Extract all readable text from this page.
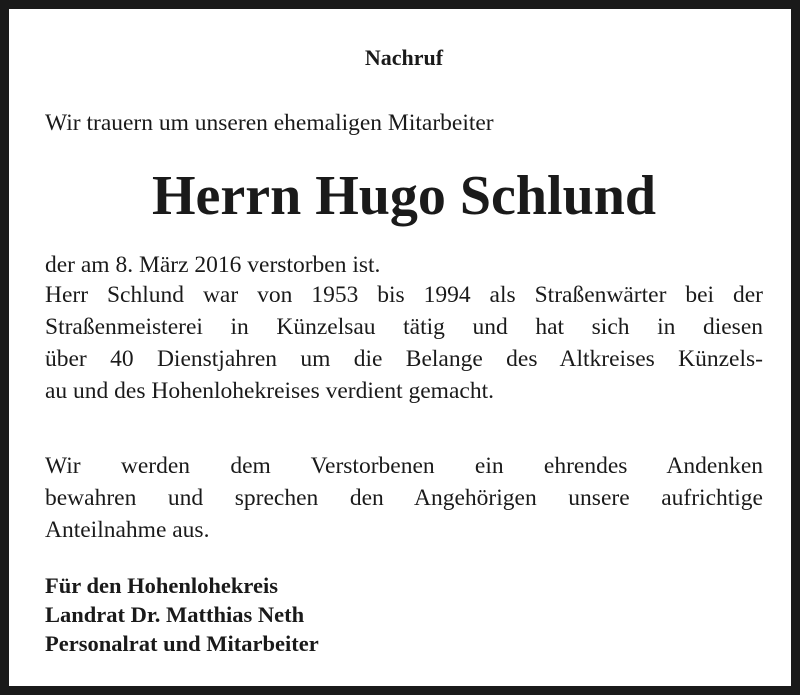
Nachruf

Wir trauern um unseren ehemaligen Mitarbeiter

Herrn Hugo Schlund

der am 8. März 2016 verstorben ist.

Herr Schlund war von 1953 bis 1994 als Straßenwärter bei der
Straßenmeisterei in Künzelsau tätig und hat sich in diesen
über 40 Dienstjahren um die Belange des Altkreises Künzels-
au und des Hohenlohekreises verdient gemacht.

Wir werden dem Verstorbenen ein ehrendes Andenken
bewahren und sprechen den Angehörigen unsere aufrichtige
Anteilnahme aus.

Für den Hohenlohekreis
Landrat Dr. Matthias Neth
Personalrat und Mitarbeiter
